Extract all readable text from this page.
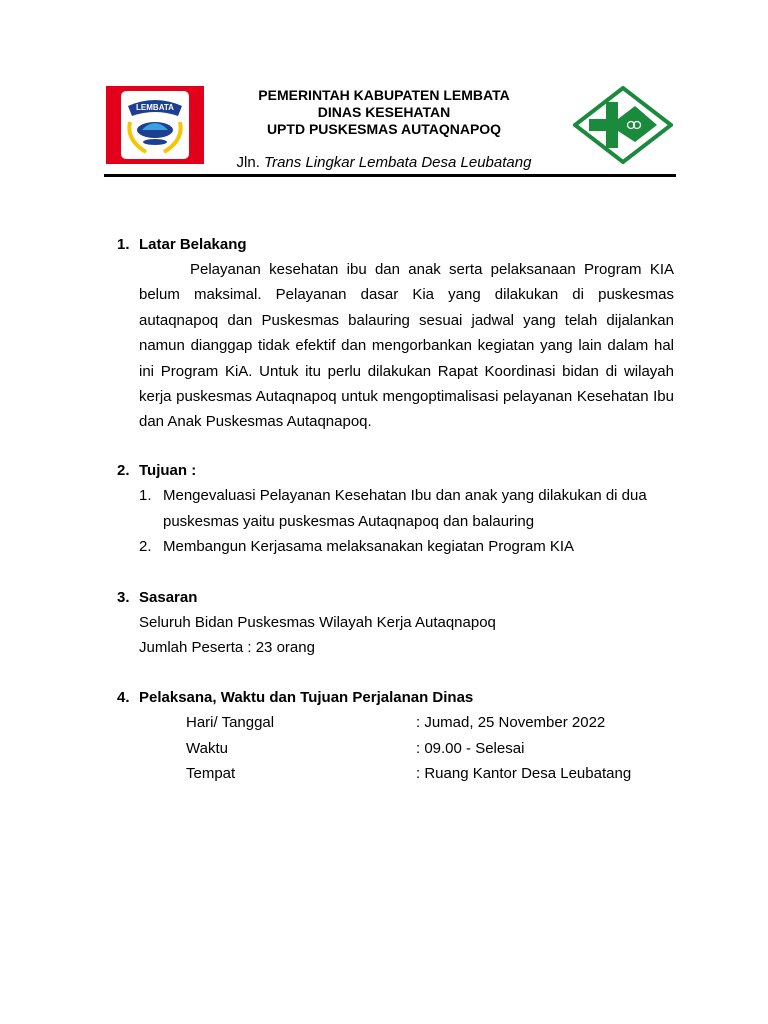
LEMBATA
PEMERINTAH KABUPATEN LEMBATA
DINAS KESEHATAN
UPTD PUSKESMAS AUTAQNAPOQ
Jln. Trans Lingkar Lembata Desa Leubatang
1. Latar Belakang
Pelayanan kesehatan ibu dan anak serta pelaksanaan Program KIA belum maksimal. Pelayanan dasar Kia yang dilakukan di puskesmas autaqnapoq dan Puskesmas balauring sesuai jadwal yang telah dijalankan namun dianggap tidak efektif dan mengorbankan kegiatan yang lain dalam hal ini Program KiA. Untuk itu perlu dilakukan Rapat Koordinasi bidan di wilayah kerja puskesmas Autaqnapoq untuk mengoptimalisasi pelayanan Kesehatan Ibu dan Anak Puskesmas Autaqnapoq.
2. Tujuan :
1. Mengevaluasi Pelayanan Kesehatan Ibu dan anak yang dilakukan di dua puskesmas yaitu puskesmas Autaqnapoq dan balauring
2. Membangun Kerjasama melaksanakan kegiatan Program KIA
3. Sasaran
Seluruh Bidan Puskesmas Wilayah Kerja Autaqnapoq
Jumlah Peserta : 23 orang
4. Pelaksana, Waktu dan Tujuan Perjalanan Dinas
Hari/ Tanggal	: Jumad, 25 November 2022
Waktu	: 09.00 - Selesai
Tempat	: Ruang Kantor Desa Leubatang
